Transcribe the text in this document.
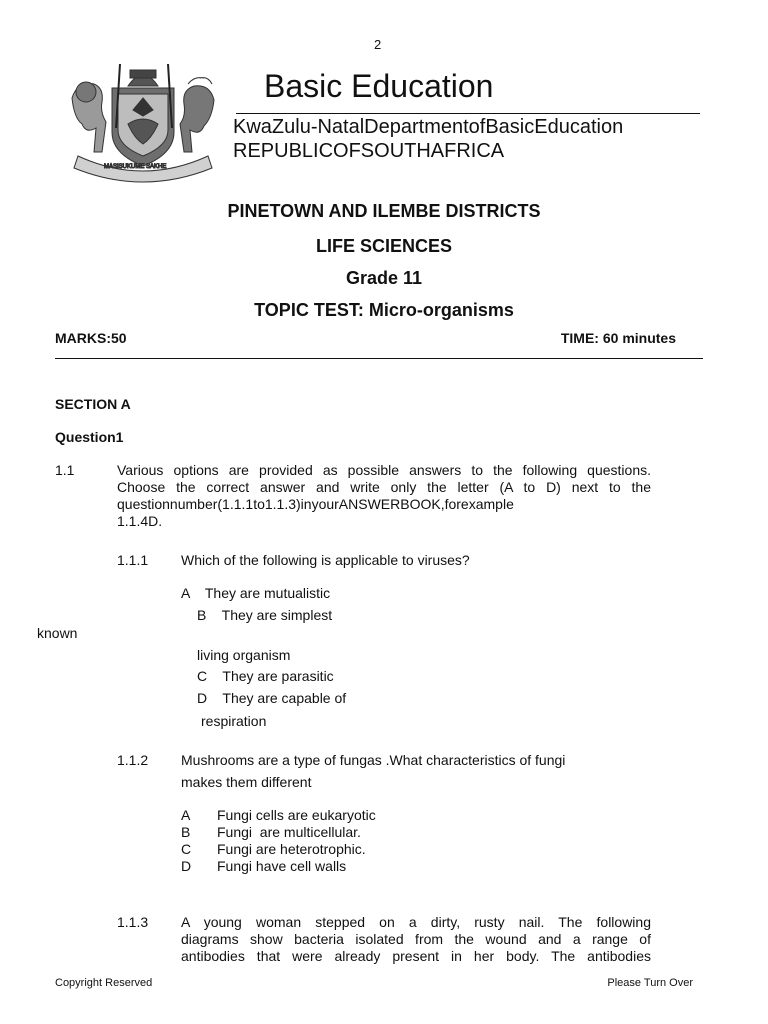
2
MASISUKUME SAKHE
Basic Education
KwaZulu-NatalDepartmentofBasicEducation
REPUBLICOFSOUTHAFRICA
PINETOWN AND ILEMBE DISTRICTS
LIFE SCIENCES
Grade 11
TOPIC TEST: Micro-organisms
MARKS:50	TIME: 60 minutes
SECTION A
Question1
1.1	Various options are provided as possible answers to the following questions.
Choose the correct answer and write only the letter (A to D) next to the
questionnumber(1.1.1to1.1.3)inyourANSWERBOOK,forexample
1.1.4D.
1.1.1 Which of the following is applicable to viruses?
A    They are mutualistic
B    They are simplest
known
living organism
C    They are parasitic
D    They are capable of
respiration
1.1.2 Mushrooms are a type of fungas .What characteristics of fungi
makes them different
A Fungi cells are eukaryotic
B Fungi  are multicellular.
C Fungi are heterotrophic.
D Fungi have cell walls
1.1.3 A young woman stepped on a dirty, rusty nail. The following
diagrams show bacteria isolated from the wound and a range of
antibodies that were already present in her body. The antibodies
Copyright Reserved	Please Turn Over
